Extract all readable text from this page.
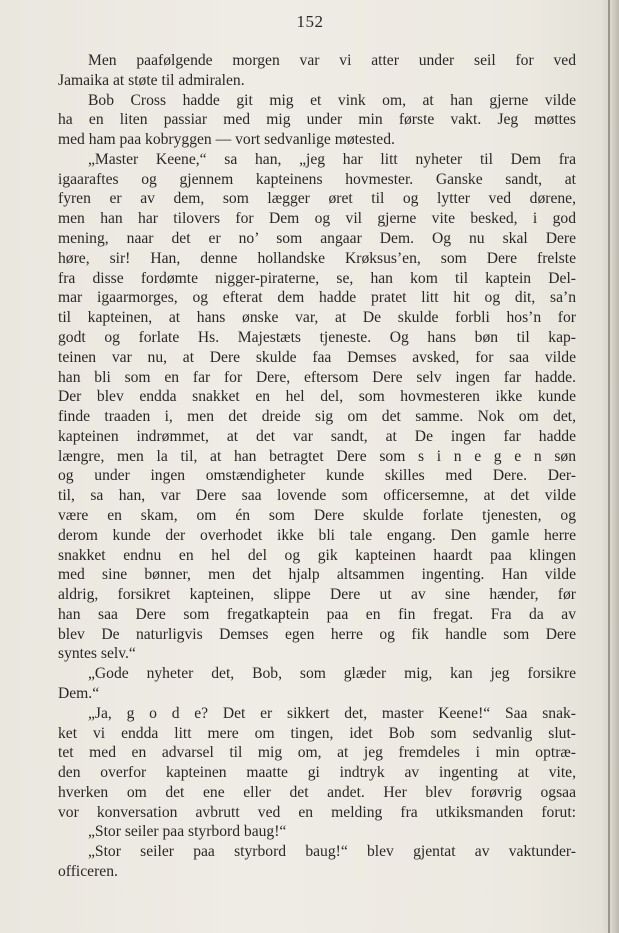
152
Men paafølgende morgen var vi atter under seil for ved
Jamaika at støte til admiralen.
Bob Cross hadde git mig et vink om, at han gjerne vilde
ha en liten passiar med mig under min første vakt. Jeg møttes
med ham paa kobryggen — vort sedvanlige møtested.
„Master Keene,“ sa han, „jeg har litt nyheter til Dem fra
igaaraftes og gjennem kapteinens hovmester. Ganske sandt, at
fyren er av dem, som lægger øret til og lytter ved dørene,
men han har tilovers for Dem og vil gjerne vite besked, i god
mening, naar det er no’ som angaar Dem. Og nu skal Dere
høre, sir! Han, denne hollandske Krøksus’en, som Dere frelste
fra disse fordømte nigger-piraterne, se, han kom til kaptein Del-
mar igaarmorges, og efterat dem hadde pratet litt hit og dit, sa’n
til kapteinen, at hans ønske var, at De skulde forbli hos’n for
godt og forlate Hs. Majestæts tjeneste. Og hans bøn til kap-
teinen var nu, at Dere skulde faa Demses avsked, for saa vilde
han bli som en far for Dere, eftersom Dere selv ingen far hadde.
Der blev endda snakket en hel del, som hovmesteren ikke kunde
finde traaden i, men det dreide sig om det samme. Nok om det,
kapteinen indrømmet, at det var sandt, at De ingen far hadde
længre, men la til, at han betragtet Dere som s i n e g e n søn
og under ingen omstændigheter kunde skilles med Dere. Der-
til, sa han, var Dere saa lovende som officersemne, at det vilde
være en skam, om én som Dere skulde forlate tjenesten, og
derom kunde der overhodet ikke bli tale engang. Den gamle herre
snakket endnu en hel del og gik kapteinen haardt paa klingen
med sine bønner, men det hjalp altsammen ingenting. Han vilde
aldrig, forsikret kapteinen, slippe Dere ut av sine hænder, før
han saa Dere som fregatkaptein paa en fin fregat. Fra da av
blev De naturligvis Demses egen herre og fik handle som Dere
syntes selv.“
„Gode nyheter det, Bob, som glæder mig, kan jeg forsikre
Dem.“
„Ja, g o d e? Det er sikkert det, master Keene!“ Saa snak-
ket vi endda litt mere om tingen, idet Bob som sedvanlig slut-
tet med en advarsel til mig om, at jeg fremdeles i min optræ-
den overfor kapteinen maatte gi indtryk av ingenting at vite,
hverken om det ene eller det andet. Her blev forøvrig ogsaa
vor konversation avbrutt ved en melding fra utkiksmanden forut:
„Stor seiler paa styrbord baug!“
„Stor seiler paa styrbord baug!“ blev gjentat av vaktunder-
officeren.
